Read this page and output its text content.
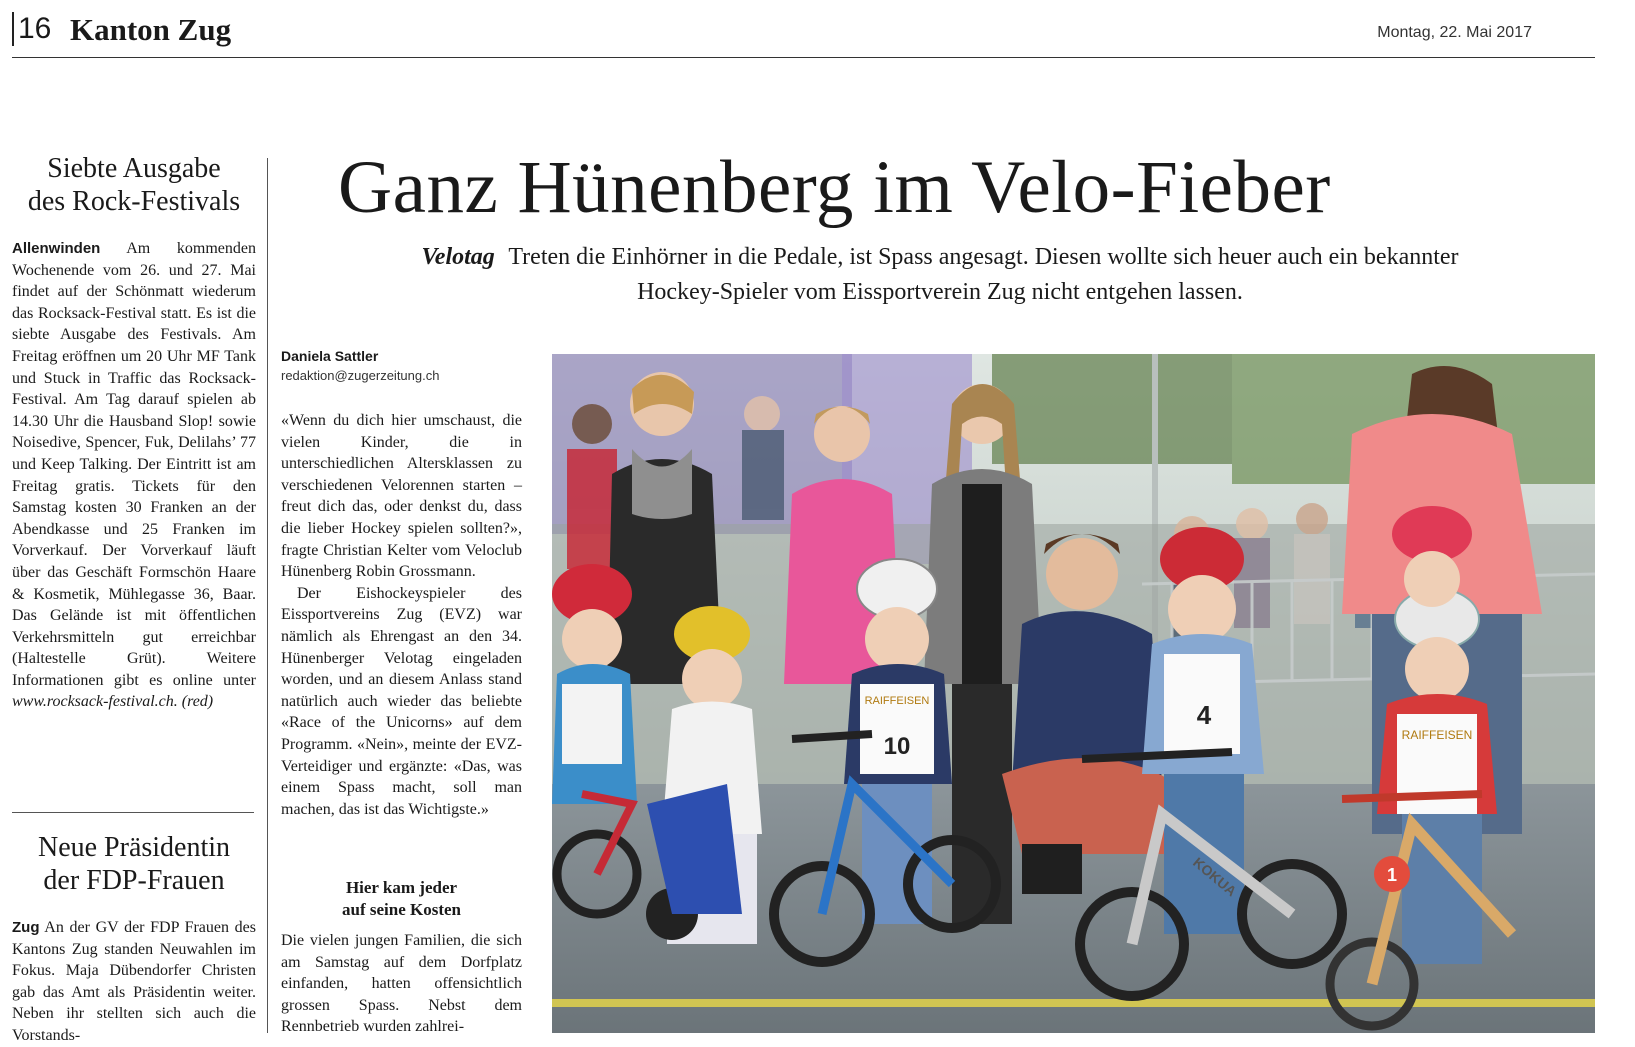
16 Kanton Zug	Montag, 22. Mai 2017
Siebte Ausgabe
des Rock-Festivals
Allenwinden Am kommenden Wochenende vom 26. und 27. Mai findet auf der Schönmatt wiederum das Rocksack-Festival statt. Es ist die siebte Ausgabe des Festivals. Am Freitag eröffnen um 20 Uhr MF Tank und Stuck in Traffic das Rocksack-Festival. Am Tag darauf spielen ab 14.30 Uhr die Hausband Slop! sowie Noisedive, Spencer, Fuk, Delilahs’ 77 und Keep Talking. Der Eintritt ist am Freitag gratis. Tickets für den Samstag kosten 30 Franken an der Abendkasse und 25 Franken im Vorverkauf. Der Vorverkauf läuft über das Geschäft Formschön Haare & Kosmetik, Mühlegasse 36, Baar. Das Gelände ist mit öffentlichen Verkehrsmitteln gut erreichbar (Haltestelle Grüt). Weitere Informationen gibt es online unter www.rocksack-festival.ch. (red)
Neue Präsidentin
der FDP-Frauen
Zug An der GV der FDP Frauen des Kantons Zug standen Neuwahlen im Fokus. Maja Dübendorfer Christen gab das Amt als Präsidentin weiter. Neben ihr stellten sich auch die Vorstands-
Ganz Hünenberg im Velo-Fieber
Velotag Treten die Einhörner in die Pedale, ist Spass angesagt. Diesen wollte sich heuer auch ein bekannter Hockey-Spieler vom Eissportverein Zug nicht entgehen lassen.
Daniela Sattler
redaktion@zugerzeitung.ch

«Wenn du dich hier umschaust, die vielen Kinder, die in unterschiedlichen Altersklassen zu verschiedenen Velorennen starten – freut dich das, oder denkst du, dass die lieber Hockey spielen sollten?», fragte Christian Kelter vom Veloclub Hünenberg Robin Grossmann.

Der Eishockeyspieler des Eissportvereins Zug (EVZ) war nämlich als Ehrengast an den 34. Hünenberger Velotag eingeladen worden, und an diesem Anlass stand natürlich auch wieder das beliebte «Race of the Unicorns» auf dem Programm. «Nein», meinte der EVZ-Verteidiger und ergänzte: «Das, was einem Spass macht, soll man machen, das ist das Wichtigste.»

Hier kam jeder
auf seine Kosten
Die vielen jungen Familien, die sich am Samstag auf dem Dorfplatz einfanden, hatten offensichtlich grossen Spass. Nebst dem Rennbetrieb wurden zahlrei-
10
RAIFFEISEN	4
KOKUA
RAIFFEISEN
1
